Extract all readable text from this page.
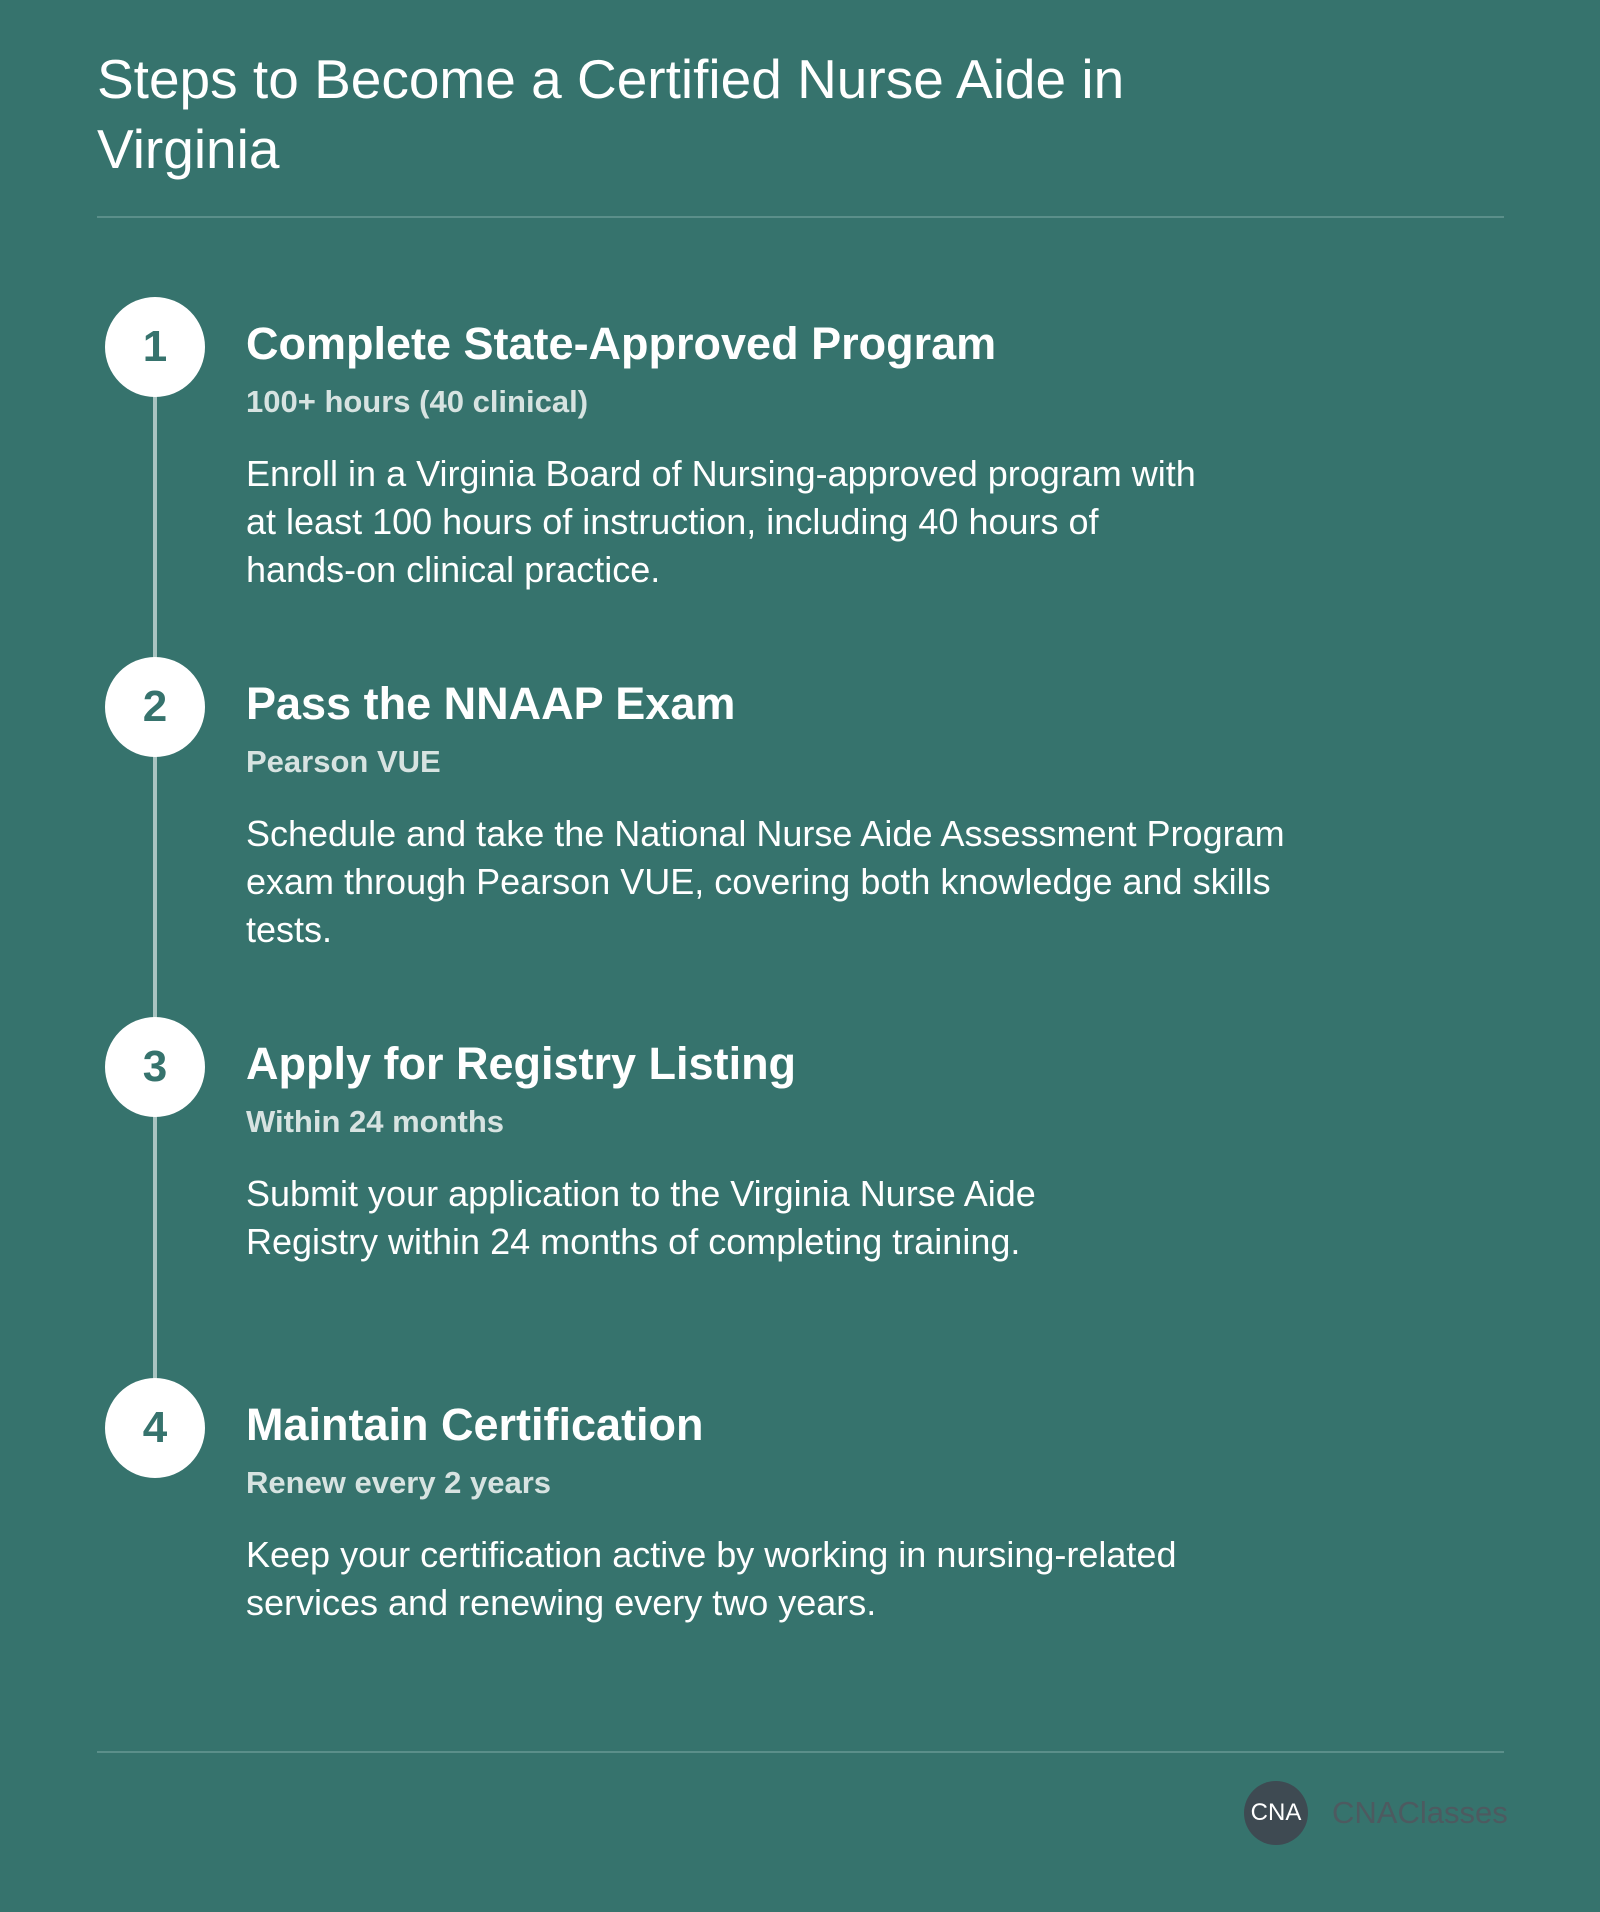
Steps to Become a Certified Nurse Aide in Virginia
1	Complete State-Approved Program
100+ hours (40 clinical)

Enroll in a Virginia Board of Nursing-approved program with at least 100 hours of instruction, including 40 hours of hands-on clinical practice.

2	Pass the NNAAP Exam
Pearson VUE

Schedule and take the National Nurse Aide Assessment Program exam through Pearson VUE, covering both knowledge and skills tests.

3	Apply for Registry Listing
Within 24 months

Submit your application to the Virginia Nurse Aide Registry within 24 months of completing training.

4	Maintain Certification
Renew every 2 years

Keep your certification active by working in nursing-related services and renewing every two years.

CNA CNAClasses
